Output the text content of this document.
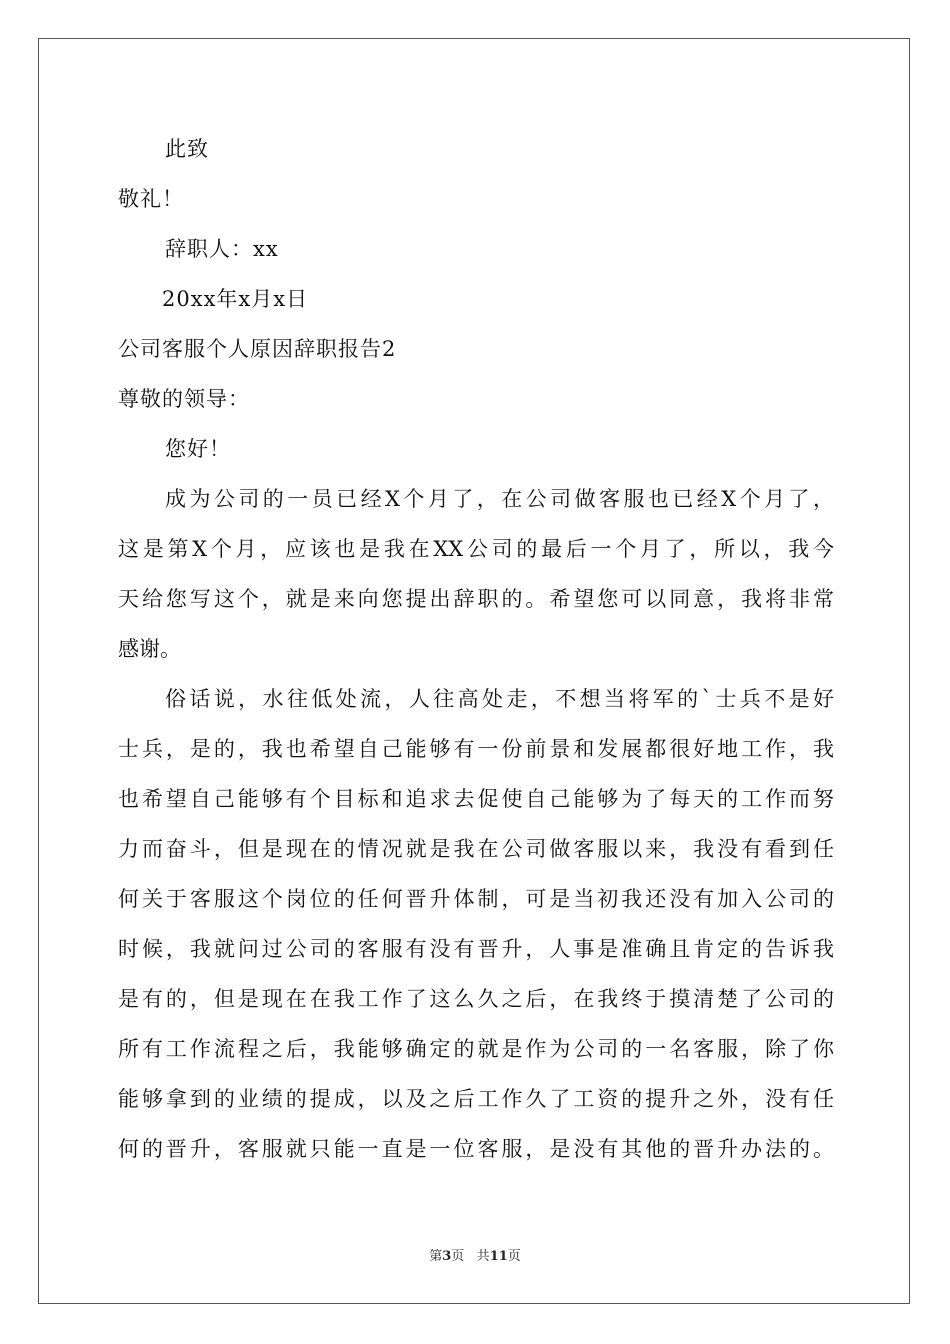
此致
敬礼！
辞职人：xx
20xx年x月x日
公司客服个人原因辞职报告2
尊敬的领导：
您好！
成为公司的一员已经X个月了，在公司做客服也已经X个月了，
这是第X个月，应该也是我在XX公司的最后一个月了，所以，我今
天给您写这个，就是来向您提出辞职的。希望您可以同意，我将非常
感谢。
俗话说，水往低处流，人往高处走，不想当将军的`士兵不是好
士兵，是的，我也希望自己能够有一份前景和发展都很好地工作，我
也希望自己能够有个目标和追求去促使自己能够为了每天的工作而努
力而奋斗，但是现在的情况就是我在公司做客服以来，我没有看到任
何关于客服这个岗位的任何晋升体制，可是当初我还没有加入公司的
时候，我就问过公司的客服有没有晋升，人事是准确且肯定的告诉我
是有的，但是现在在我工作了这么久之后，在我终于摸清楚了公司的
所有工作流程之后，我能够确定的就是作为公司的一名客服，除了你
能够拿到的业绩的提成，以及之后工作久了工资的提升之外，没有任
何的晋升，客服就只能一直是一位客服，是没有其他的晋升办法的。
第3页 共11页
